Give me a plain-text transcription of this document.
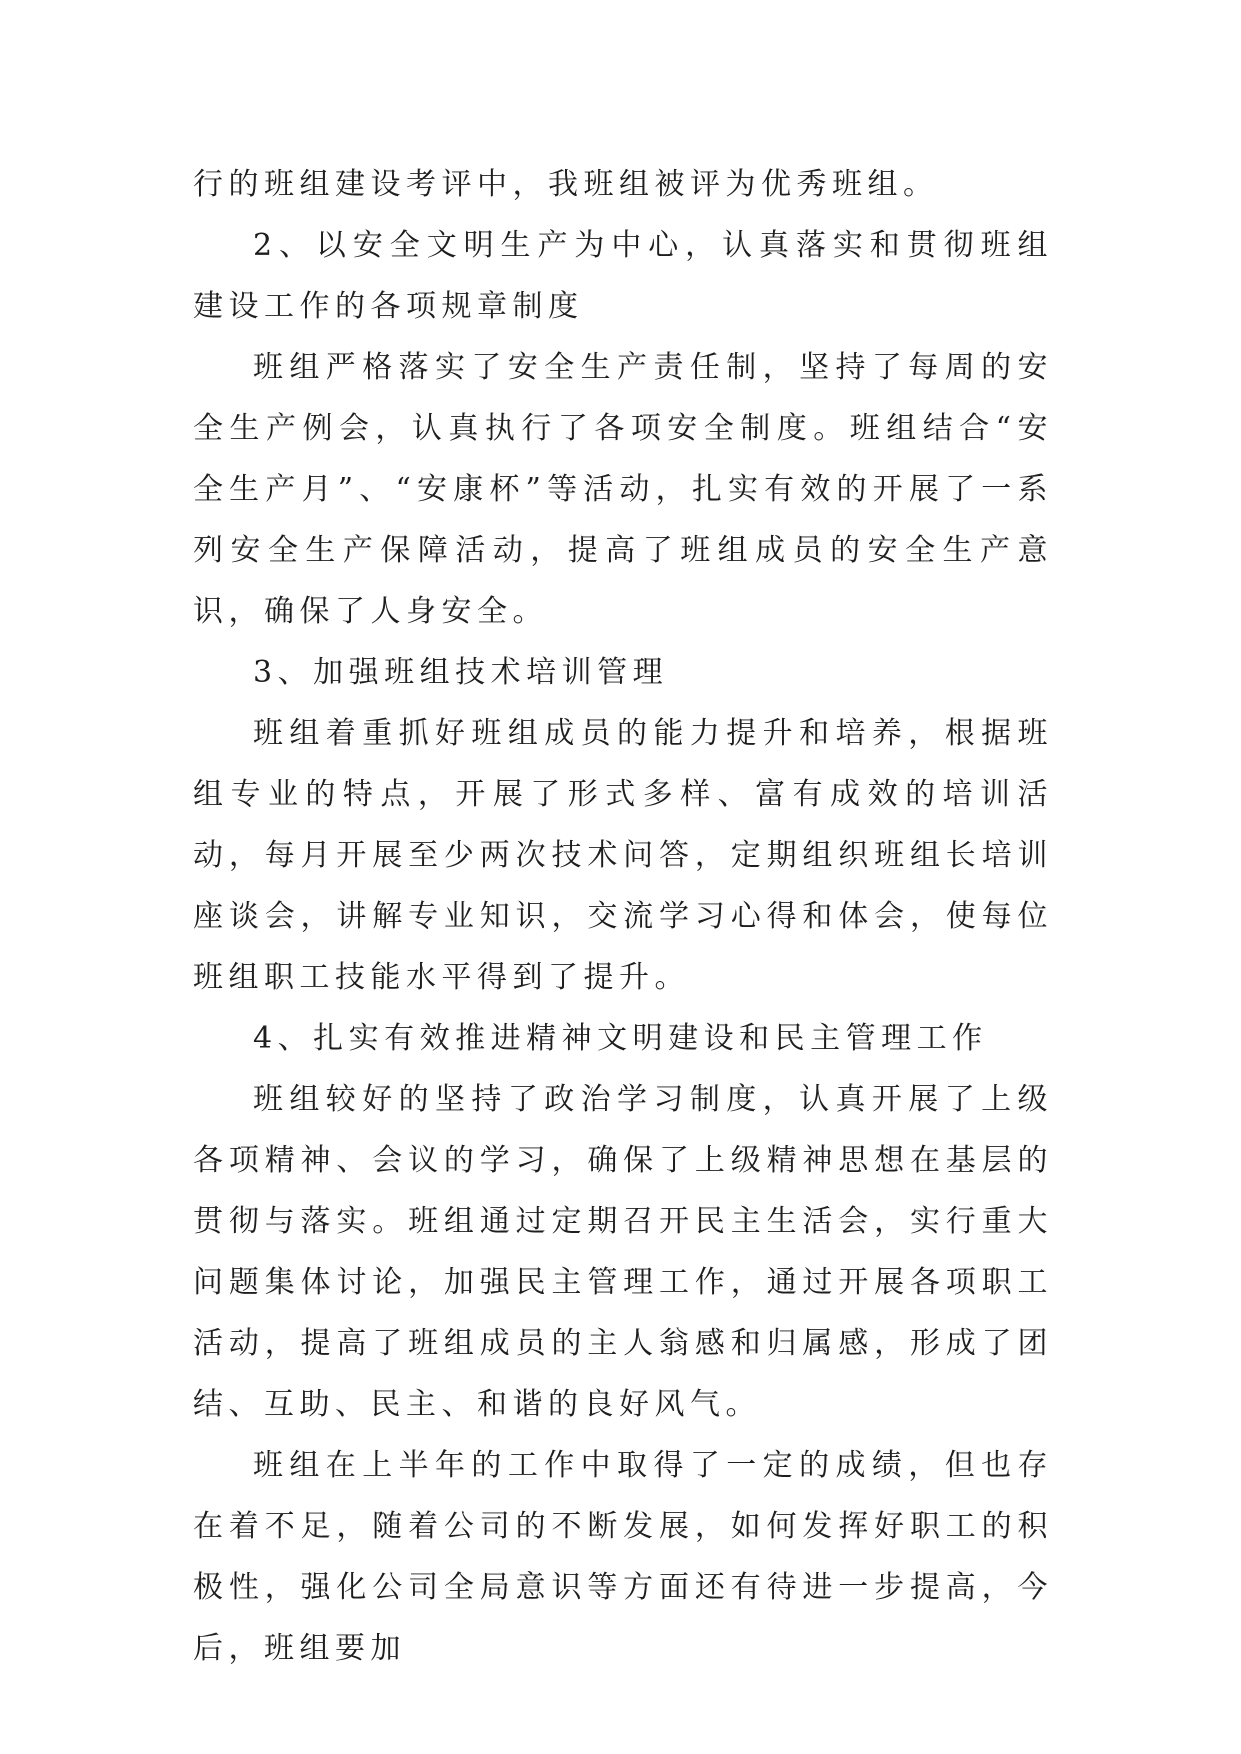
行的班组建设考评中，我班组被评为优秀班组。

2、以安全文明生产为中心，认真落实和贯彻班组建设工作的各项规章制度

班组严格落实了安全生产责任制，坚持了每周的安全生产例会，认真执行了各项安全制度。班组结合“安全生产月”、“安康杯”等活动，扎实有效的开展了一系列安全生产保障活动，提高了班组成员的安全生产意识，确保了人身安全。

3、加强班组技术培训管理

班组着重抓好班组成员的能力提升和培养，根据班组专业的特点，开展了形式多样、富有成效的培训活动，每月开展至少两次技术问答，定期组织班组长培训座谈会，讲解专业知识，交流学习心得和体会，使每位班组职工技能水平得到了提升。

4、扎实有效推进精神文明建设和民主管理工作

班组较好的坚持了政治学习制度，认真开展了上级各项精神、会议的学习，确保了上级精神思想在基层的贯彻与落实。班组通过定期召开民主生活会，实行重大问题集体讨论，加强民主管理工作，通过开展各项职工活动，提高了班组成员的主人翁感和归属感，形成了团结、互助、民主、和谐的良好风气。

班组在上半年的工作中取得了一定的成绩，但也存在着不足，随着公司的不断发展，如何发挥好职工的积极性，强化公司全局意识等方面还有待进一步提高，今后，班组要加
